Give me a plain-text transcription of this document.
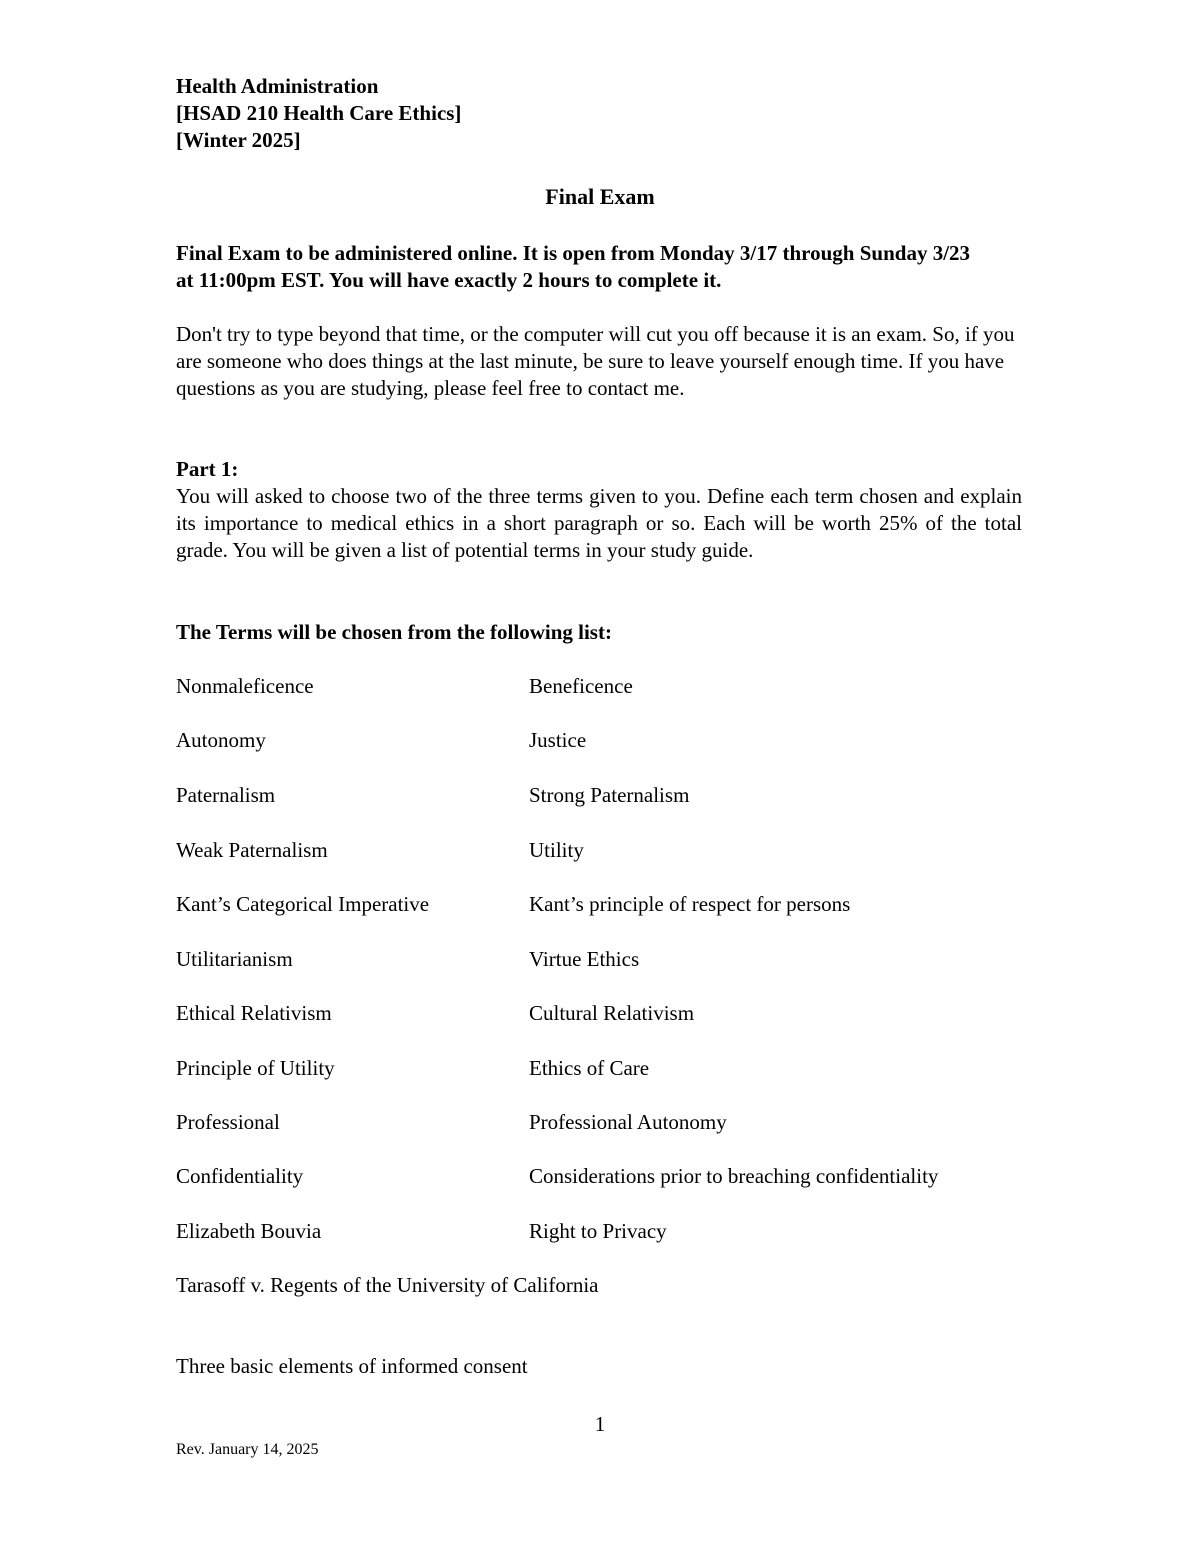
Health Administration
[HSAD 210 Health Care Ethics]
[Winter 2025]
Final Exam
Final Exam to be administered online. It is open from Monday 3/17 through Sunday 3/23 at 11:00pm EST. You will have exactly 2 hours to complete it.
Don't try to type beyond that time, or the computer will cut you off because it is an exam. So, if you are someone who does things at the last minute, be sure to leave yourself enough time. If you have questions as you are studying, please feel free to contact me.
Part 1:
You will asked to choose two of the three terms given to you. Define each term chosen and explain its importance to medical ethics in a short paragraph or so. Each will be worth 25% of the total grade. You will be given a list of potential terms in your study guide.
The Terms will be chosen from the following list:
Nonmaleficence	Beneficence
Autonomy	Justice
Paternalism	Strong Paternalism
Weak Paternalism	Utility
Kant’s Categorical Imperative	Kant’s principle of respect for persons
Utilitarianism	Virtue Ethics
Ethical Relativism	Cultural Relativism
Principle of Utility	Ethics of Care
Professional	Professional Autonomy
Confidentiality	Considerations prior to breaching confidentiality
Elizabeth Bouvia	Right to Privacy
Tarasoff v. Regents of the University of California
Three basic elements of informed consent
1
Rev. January 14, 2025
